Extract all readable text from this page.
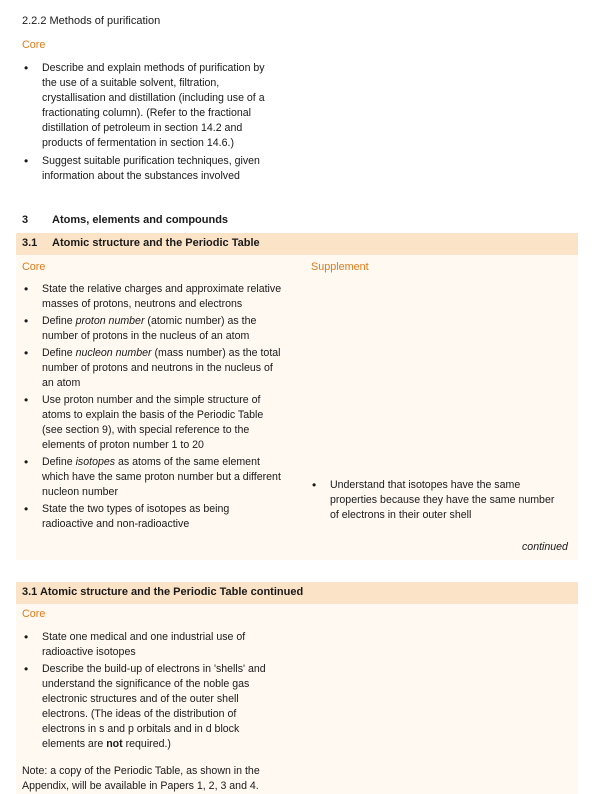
2.2.2 Methods of purification
Core
• Describe and explain methods of purification by the use of a suitable solvent, filtration, crystallisation and distillation (including use of a fractionating column). (Refer to the fractional distillation of petroleum in section 14.2 and products of fermentation in section 14.6.)
• Suggest suitable purification techniques, given information about the substances involved
3 Atoms, elements and compounds
3.1 Atomic structure and the Periodic Table
Core	Supplement
• State the relative charges and approximate relative masses of protons, neutrons and electrons
• Define proton number (atomic number) as the number of protons in the nucleus of an atom
• Define nucleon number (mass number) as the total number of protons and neutrons in the nucleus of an atom
• Use proton number and the simple structure of atoms to explain the basis of the Periodic Table (see section 9), with special reference to the elements of proton number 1 to 20
• Define isotopes as atoms of the same element which have the same proton number but a different nucleon number
• State the two types of isotopes as being radioactive and non-radioactive
• Understand that isotopes have the same properties because they have the same number of electrons in their outer shell
continued
3.1 Atomic structure and the Periodic Table continued
Core
• State one medical and one industrial use of radioactive isotopes
• Describe the build-up of electrons in 'shells' and understand the significance of the noble gas electronic structures and of the outer shell electrons. (The ideas of the distribution of electrons in s and p orbitals and in d block elements are not required.)
Note: a copy of the Periodic Table, as shown in the Appendix, will be available in Papers 1, 2, 3 and 4.
